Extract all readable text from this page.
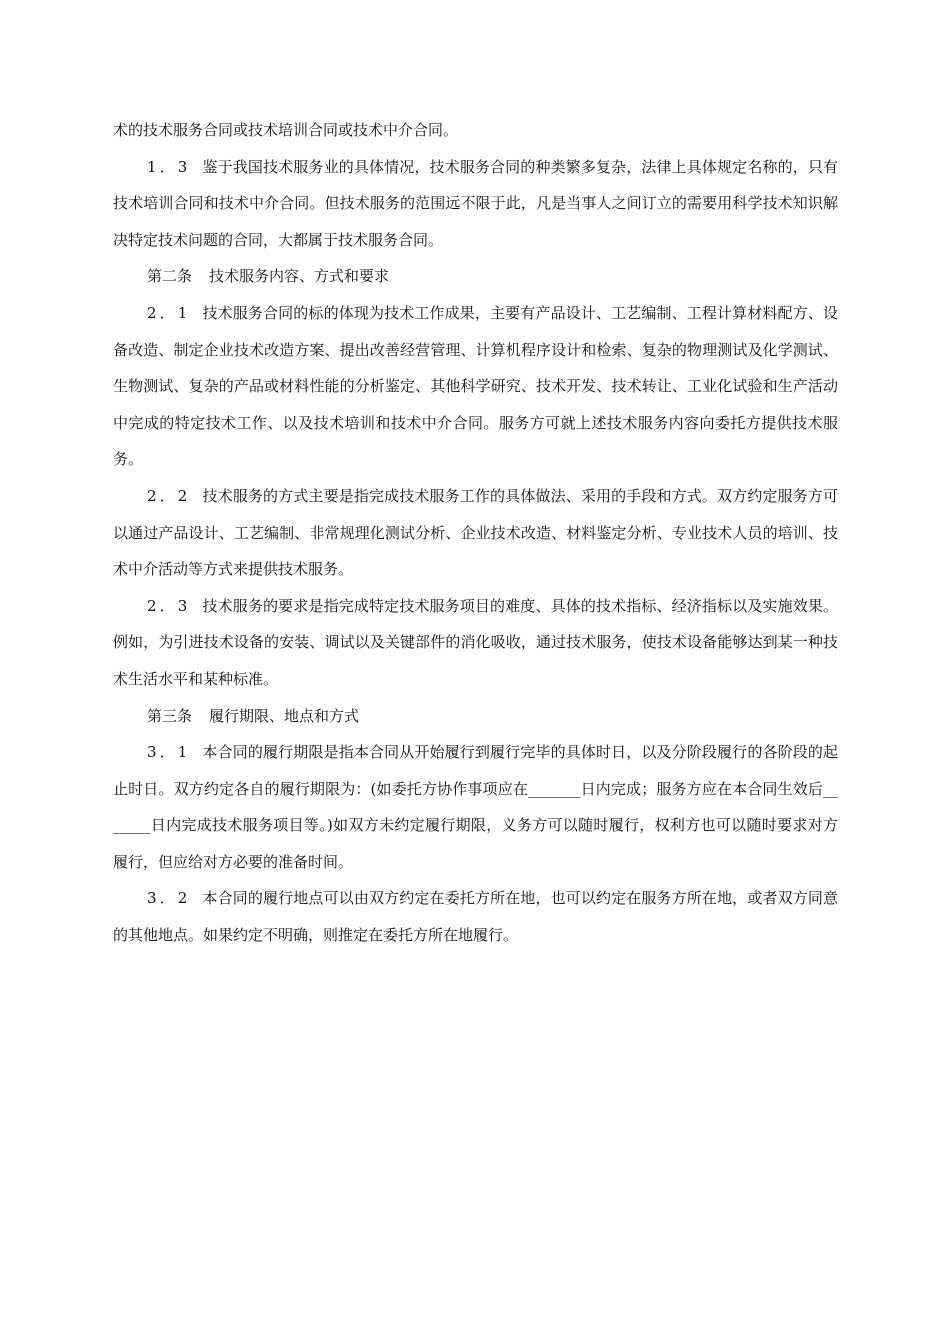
术的技术服务合同或技术培训合同或技术中介合同。

1．3 鉴于我国技术服务业的具体情况，技术服务合同的种类繁多复杂，法律上具体规定名称的，只有技术培训合同和技术中介合同。但技术服务的范围远不限于此，凡是当事人之间订立的需要用科学技术知识解决特定技术问题的合同，大都属于技术服务合同。

第二条 技术服务内容、方式和要求

2．1 技术服务合同的标的体现为技术工作成果，主要有产品设计、工艺编制、工程计算材料配方、设备改造、制定企业技术改造方案、提出改善经营管理、计算机程序设计和检索、复杂的物理测试及化学测试、生物测试、复杂的产品或材料性能的分析鉴定、其他科学研究、技术开发、技术转让、工业化试验和生产活动中完成的特定技术工作、以及技术培训和技术中介合同。服务方可就上述技术服务内容向委托方提供技术服务。

2．2 技术服务的方式主要是指完成技术服务工作的具体做法、采用的手段和方式。双方约定服务方可以通过产品设计、工艺编制、非常规理化测试分析、企业技术改造、材料鉴定分析、专业技术人员的培训、技术中介活动等方式来提供技术服务。

2．3 技术服务的要求是指完成特定技术服务项目的难度、具体的技术指标、经济指标以及实施效果。例如，为引进技术设备的安装、调试以及关键部件的消化吸收，通过技术服务，使技术设备能够达到某一种技术生活水平和某种标准。

第三条 履行期限、地点和方式

3．1 本合同的履行期限是指本合同从开始履行到履行完毕的具体时日，以及分阶段履行的各阶段的起止时日。双方约定各自的履行期限为：(如委托方协作事项应在_______日内完成；服务方应在本合同生效后_______日内完成技术服务项目等。)如双方未约定履行期限，义务方可以随时履行，权利方也可以随时要求对方履行，但应给对方必要的准备时间。

3．2 本合同的履行地点可以由双方约定在委托方所在地，也可以约定在服务方所在地，或者双方同意的其他地点。如果约定不明确，则推定在委托方所在地履行。
